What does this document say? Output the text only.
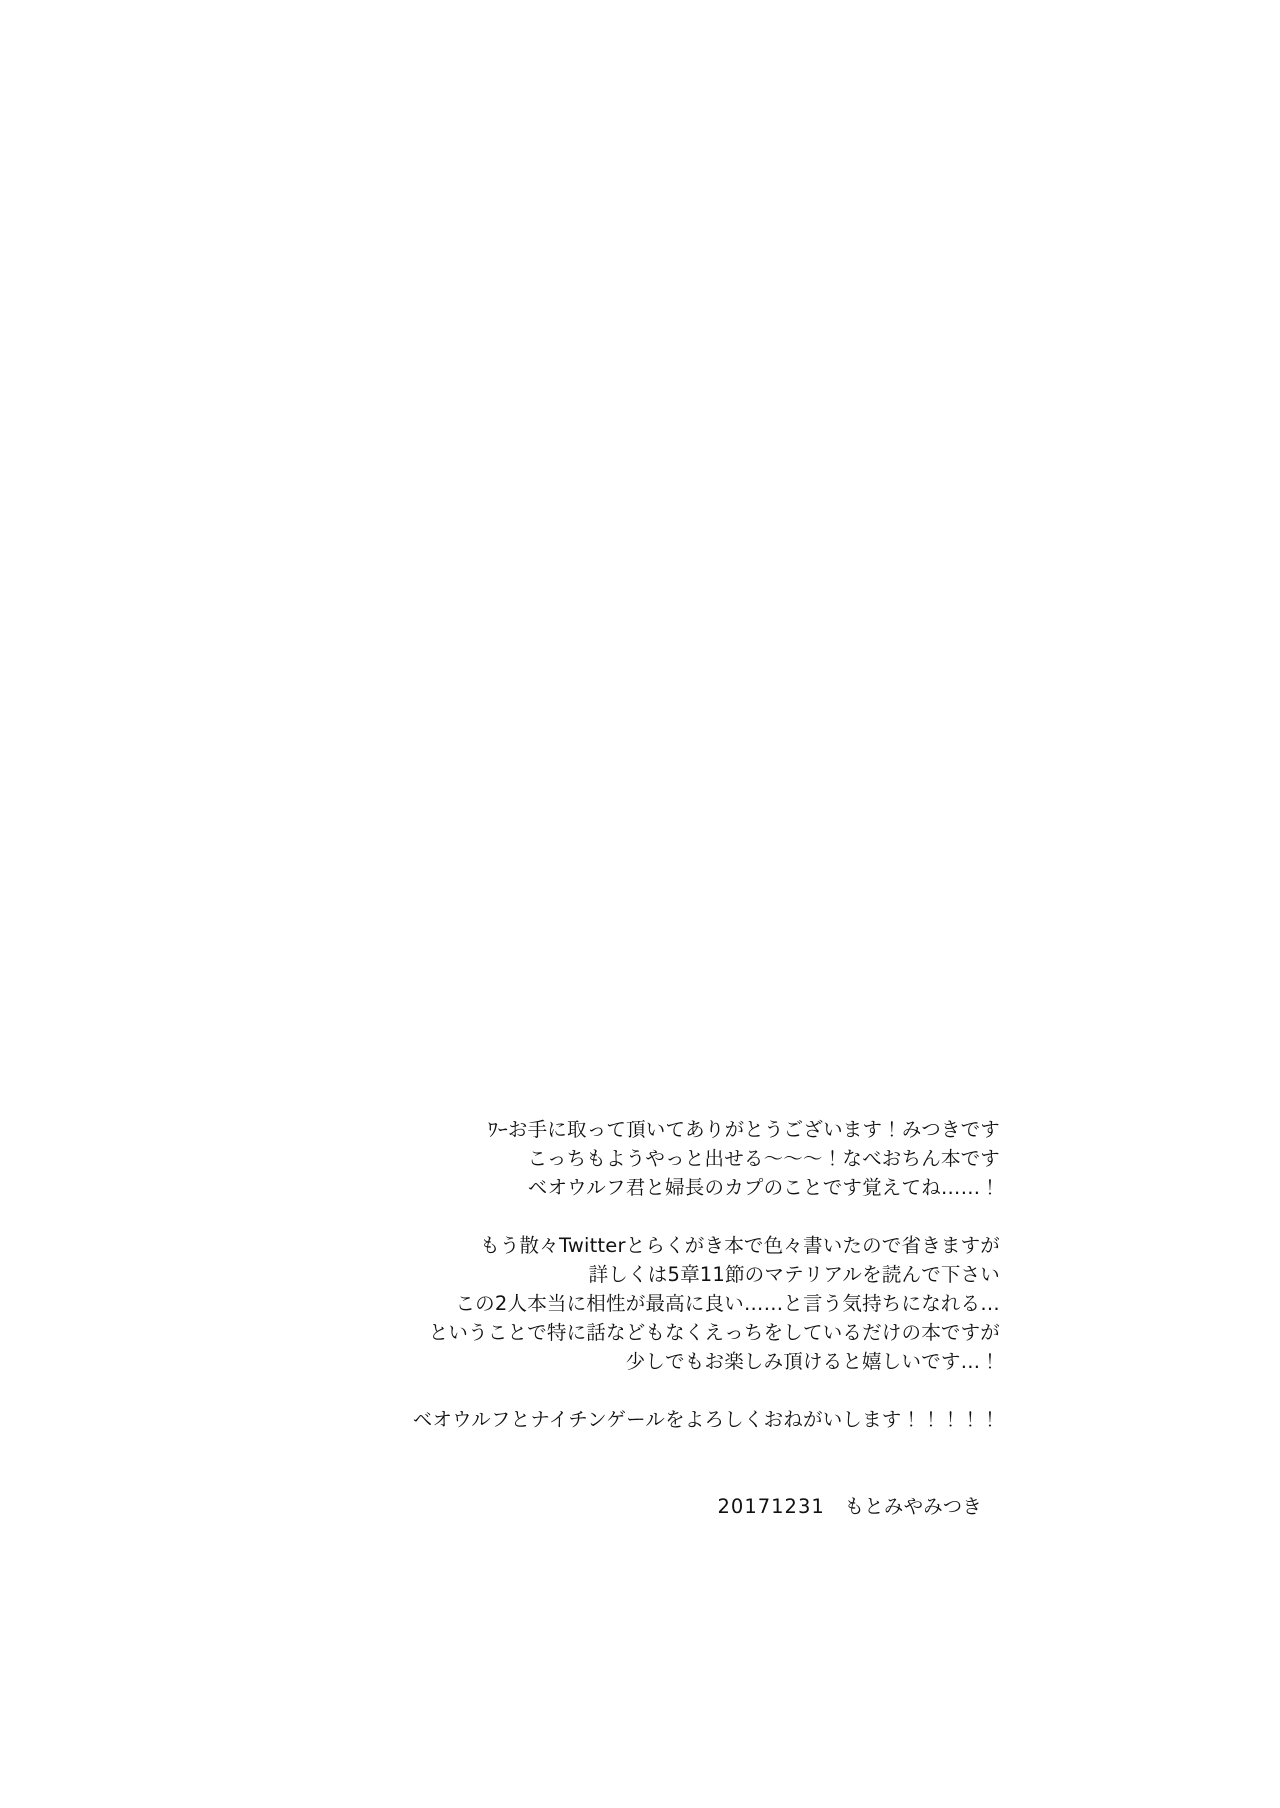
ﾜｰお手に取って頂いてありがとうございます！みつきです
こっちもようやっと出せる〜〜〜！なべおちん本です
ベオウルフ君と婦長のカプのことです覚えてね……！
もう散々Twitterとらくがき本で色々書いたので省きますが
詳しくは5章11節のマテリアルを読んで下さい
この2人本当に相性が最高に良い……と言う気持ちになれる…
ということで特に話などもなくえっちをしているだけの本ですが
少しでもお楽しみ頂けると嬉しいです…！
ベオウルフとナイチンゲールをよろしくおねがいします！！！！！

20171231　 もとみやみつき
